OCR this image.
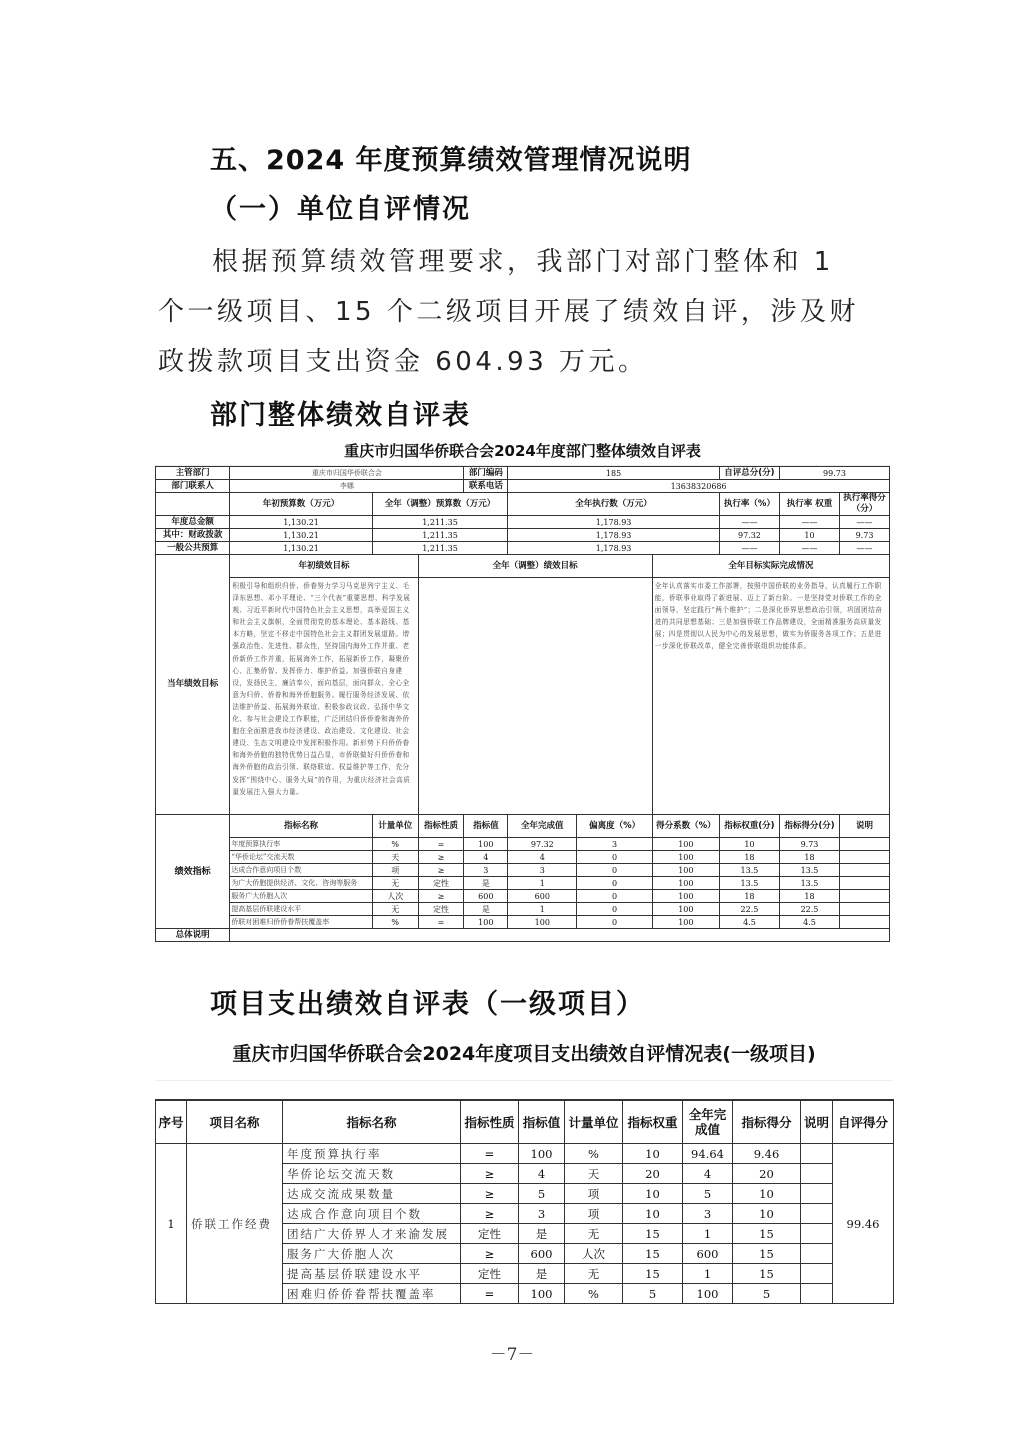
五、2024 年度预算绩效管理情况说明
（一）单位自评情况
根据预算绩效管理要求，我部门对部门整体和 1 个一级项目、15 个二级项目开展了绩效自评，涉及财政拨款项目支出资金 604.93 万元。
部门整体绩效自评表
重庆市归国华侨联合会2024年度部门整体绩效自评表
主管部门	重庆市归国华侨联合会			部门编码	185			自评总分(分)	99.73	
部门联系人	李娜			联系电话	13638320686					
	年初预算数（万元）	全年（调整）预算数（万元）			全年执行数（万元）			执行率（%）	执行率 权重	执行率得分（分）
年度总金额	1,130.21	1,211.35			1,178.93			——	——	——
其中：财政拨款	1,130.21	1,211.35			1,178.93			97.32	10	9.73
一般公共预算	1,130.21	1,211.35			1,178.93			——	——	——
当年绩效目标	年初绩效目标		全年（调整）绩效目标				全年目标实际完成情况			
	积极引导和组织归侨、侨眷努力学习马克思列宁主义、毛泽东思想、邓小平理论、“三个代表”重要思想、科学发展观、习近平新时代中国特色社会主义思想，高举爱国主义和社会主义旗帜，全面贯彻党的基本理论、基本路线、基本方略，坚定不移走中国特色社会主义群团发展道路。增强政治性、先进性、群众性，坚持国内海外工作并重、老侨新侨工作并重，拓展海外工作，拓展新侨工作，凝聚侨心、汇集侨智、发挥侨力、维护侨益。加强侨联自身建设，发扬民主，廉洁奉公，面向基层，面向群众，全心全意为归侨、侨眷和海外侨胞服务。履行服务经济发展、依法维护侨益、拓展海外联谊、积极参政议政、弘扬中华文化、参与社会建设工作职能，广泛团结归侨侨眷和海外侨胞在全面推进我市经济建设、政治建设、文化建设、社会建设、生态文明建设中发挥积极作用。新形势下归侨侨眷和海外侨胞的独特优势日益凸显，市侨联做好归侨侨眷和海外侨胞的政治引领、联络联谊、权益维护等工作，充分发挥“围绕中心、服务大局”的作用，为重庆经济社会高质量发展注入强大力量。						全年认真落实市委工作部署，按照中国侨联的业务指导，认真履行工作职能，侨联事业取得了新进展、迈上了新台阶。一是坚持党对侨联工作的全面领导，坚定践行“两个维护”；二是深化侨界思想政治引领，巩固团结奋进的共同思想基础；三是加强侨联工作品牌建设，全面精准服务高质量发展；四是贯彻以人民为中心的发展思想，做实为侨服务各项工作；五是进一步深化侨联改革，健全完善侨联组织功能体系。			
绩效指标	指标名称	计量单位	指标性质	指标值	全年完成值	偏离度（%）	得分系数（%）	指标权重(分)	指标得分(分)	说明
	年度预算执行率	%	=	100	97.32	3	100	10	9.73	
	“华侨论坛”交流天数	天	≥	4	4	0	100	18	18	
	达成合作意向项目个数	项	≥	3	3	0	100	13.5	13.5	
	为广大侨胞提供经济、文化、咨询等服务	无	定性	是	1	0	100	13.5	13.5	
	服务广大侨胞人次	人次	≥	600	600	0	100	18	18	
	提高基层侨联建设水平	无	定性	是	1	0	100	22.5	22.5	
	侨联对困难归侨侨眷帮扶覆盖率	%	=	100	100	0	100	4.5	4.5	
总体说明										
项目支出绩效自评表（一级项目）
重庆市归国华侨联合会2024年度项目支出绩效自评情况表(一级项目)
序号	项目名称	指标名称	指标性质	指标值	计量单位	指标权重	全年完成值	指标得分	说明	自评得分
1	侨联工作经费	年度预算执行率	=	100	%	10	94.64	9.46		99.46
		华侨论坛交流天数	≥	4	天	20	4	20		
		达成交流成果数量	≥	5	项	10	5	10		
		达成合作意向项目个数	≥	3	项	10	3	10		
		团结广大侨界人才来渝发展	定性	是	无	15	1	15		
		服务广大侨胞人次	≥	600	人次	15	600	15		
		提高基层侨联建设水平	定性	是	无	15	1	15		
		困难归侨侨眷帮扶覆盖率	=	100	%	5	100	5		
－7－
